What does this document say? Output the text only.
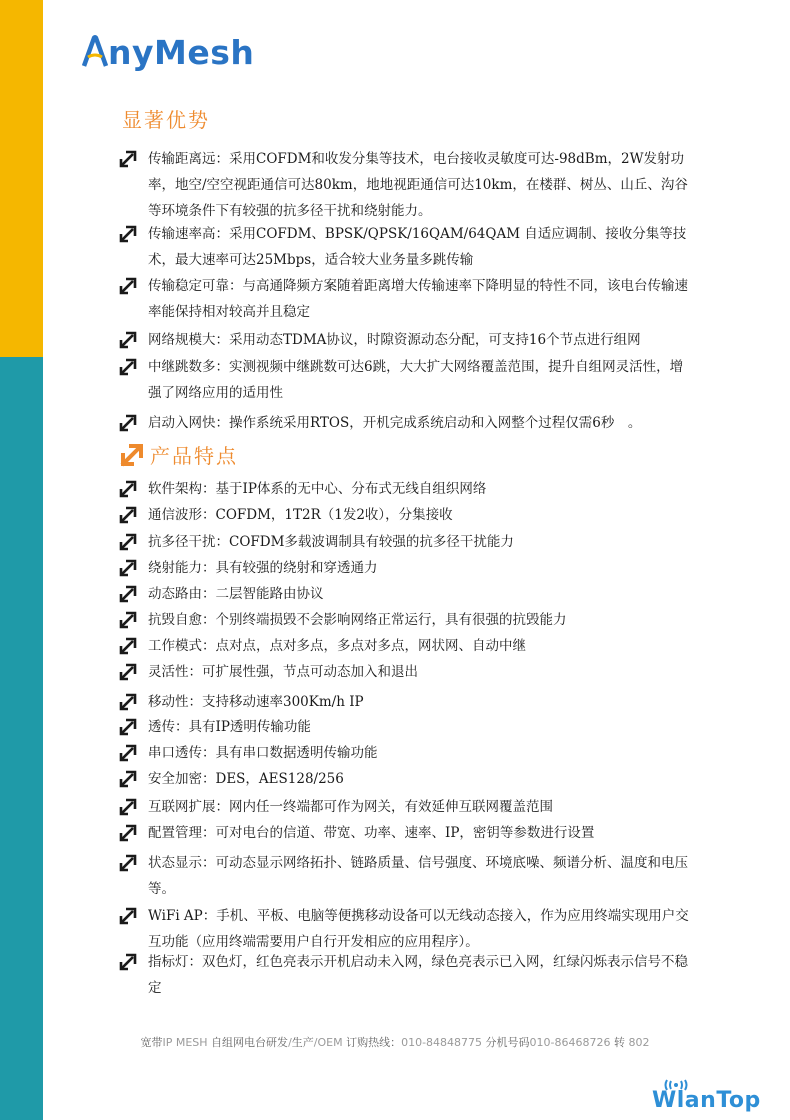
nyMesh
显著优势
传输距离远：采用COFDM和收发分集等技术，电台接收灵敏度可达-98dBm，2W发射功率，地空/空空视距通信可达80km，地地视距通信可达10km，在楼群、树丛、山丘、沟谷等环境条件下有较强的抗多径干扰和绕射能力。
传输速率高：采用COFDM、BPSK/QPSK/16QAM/64QAM 自适应调制、接收分集等技术，最大速率可达25Mbps，适合较大业务量多跳传输
传输稳定可靠：与高通降频方案随着距离增大传输速率下降明显的特性不同，该电台传输速率能保持相对较高并且稳定
网络规模大：采用动态TDMA协议，时隙资源动态分配，可支持16个节点进行组网
中继跳数多：实测视频中继跳数可达6跳，大大扩大网络覆盖范围，提升自组网灵活性，增强了网络应用的适用性
启动入网快：操作系统采用RTOS，开机完成系统启动和入网整个过程仅需6秒　。
产品特点
软件架构：基于IP体系的无中心、分布式无线自组织网络
通信波形：COFDM，1T2R（1发2收），分集接收
抗多径干扰：COFDM多载波调制具有较强的抗多径干扰能力
绕射能力：具有较强的绕射和穿透通力
动态路由：二层智能路由协议
抗毁自愈：个别终端损毁不会影响网络正常运行，具有很强的抗毁能力
工作模式：点对点，点对多点，多点对多点，网状网、自动中继
灵活性：可扩展性强，节点可动态加入和退出
移动性：支持移动速率300Km/h IP
透传：具有IP透明传输功能
串口透传：具有串口数据透明传输功能
安全加密：DES，AES128/256
互联网扩展：网内任一终端都可作为网关，有效延伸互联网覆盖范围
配置管理：可对电台的信道、带宽、功率、速率、IP，密钥等参数进行设置
状态显示：可动态显示网络拓扑、链路质量、信号强度、环境底噪、频谱分析、温度和电压等。
WiFi AP：手机、平板、电脑等便携移动设备可以无线动态接入，作为应用终端实现用户交互功能（应用终端需要用户自行开发相应的应用程序）。
指标灯：双色灯，红色亮表示开机启动未入网，绿色亮表示已入网，红绿闪烁表示信号不稳定
宽带IP MESH 自组网电台研发/生产/OEM 订购热线：010-84848775 分机号码010-86468726 转 802
WlanTop
